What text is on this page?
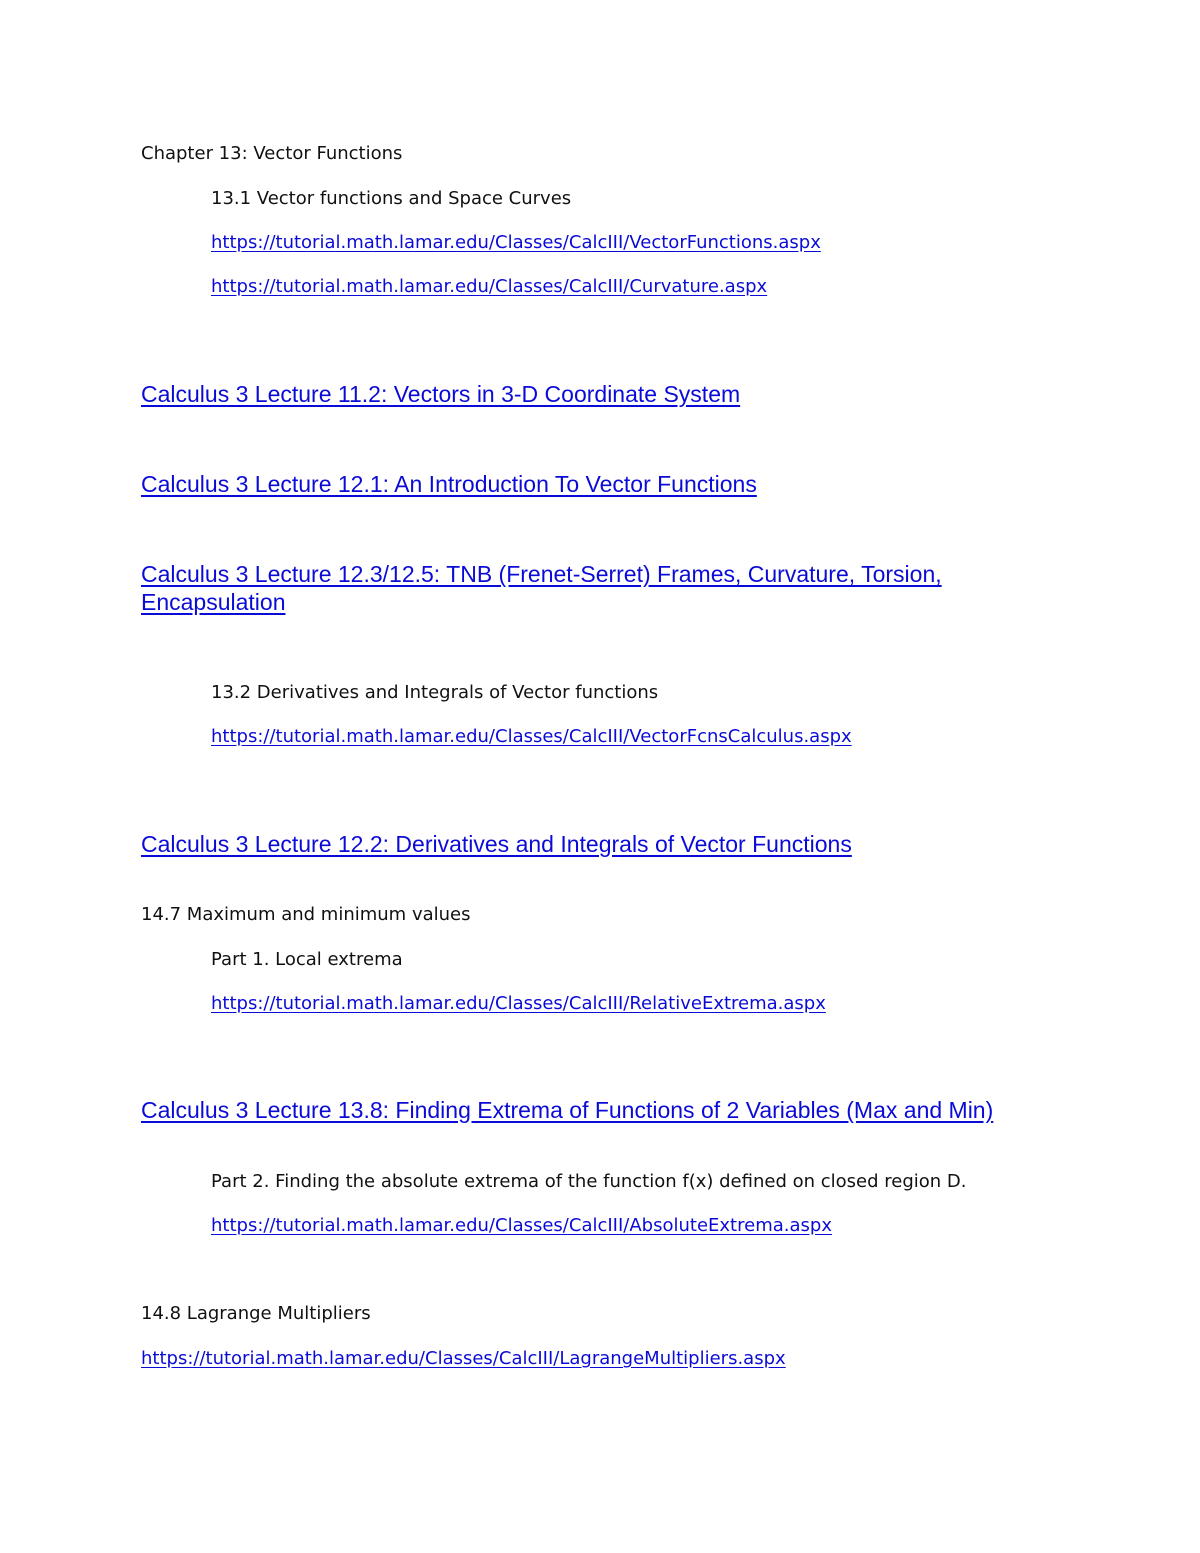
Chapter 13: Vector Functions

13.1 Vector functions and Space Curves

https://tutorial.math.lamar.edu/Classes/CalcIII/VectorFunctions.aspx
https://tutorial.math.lamar.edu/Classes/CalcIII/Curvature.aspx
Calculus 3 Lecture 11.2: Vectors in 3-D Coordinate System
Calculus 3 Lecture 12.1: An Introduction To Vector Functions
Calculus 3 Lecture 12.3/12.5: TNB (Frenet-Serret) Frames, Curvature, Torsion, Encapsulation

13.2 Derivatives and Integrals of Vector functions

https://tutorial.math.lamar.edu/Classes/CalcIII/VectorFcnsCalculus.aspx
Calculus 3 Lecture 12.2: Derivatives and Integrals of Vector Functions

14.7 Maximum and minimum values

Part 1. Local extrema

https://tutorial.math.lamar.edu/Classes/CalcIII/RelativeExtrema.aspx
Calculus 3 Lecture 13.8: Finding Extrema of Functions of 2 Variables (Max and Min)

Part 2. Finding the absolute extrema of the function f(x) defined on closed region D.

https://tutorial.math.lamar.edu/Classes/CalcIII/AbsoluteExtrema.aspx

14.8 Lagrange Multipliers

https://tutorial.math.lamar.edu/Classes/CalcIII/LagrangeMultipliers.aspx
